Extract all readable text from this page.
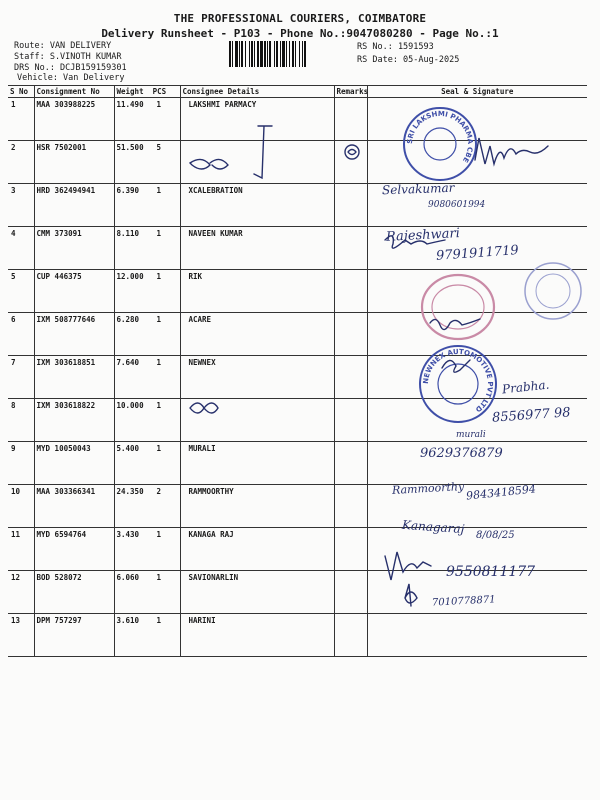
THE PROFESSIONAL COURIERS, COIMBATORE
Delivery Runsheet - P103 - Phone No.:9047080280 - Page No.:1
Route: VAN DELIVERY
Staff: S.VINOTH KUMAR
DRS No.: DCJB159159301
Vehicle: Van Delivery
RS No.: 1591593
RS Date: 05-Aug-2025
S No	Consignment No	Weight PCS	Consignee Details	Remarks	Seal & Signature
1	MAA 303988225	11.490 1	LAKSHMI PARMACY		
2	HSR 7502001	51.500 5			
3	HRD 362494941	6.390 1	XCALEBRATION		
4	CMM 373091	8.110 1	NAVEEN KUMAR		
5	CUP 446375	12.000 1	RIK		
6	IXM 508777646	6.280 1	ACARE		
7	IXM 303618851	7.640 1	NEWNEX		
8	IXM 303618822	10.000 1			
9	MYD 10050043	5.400 1	MURALI		
10	MAA 303366341	24.350 2	RAMMOORTHY		
11	MYD 6594764	3.430 1	KANAGA RAJ		
12	BOD 528072	6.060 1	SAVIONARLIN		
13	DPM 757297	3.610 1	HARINI		
SRI LAKSHMI PHARMA CBE
NEWNEX AUTOMOTIVE PVT LTD
Selvakumar
9080601994
Rajeshwari
9791911719
Prabha.
8556977 98
murali
9629376879
Rammoorthy 9843418594
Kanagaraj 8/08/25
9550811177
7010778871
